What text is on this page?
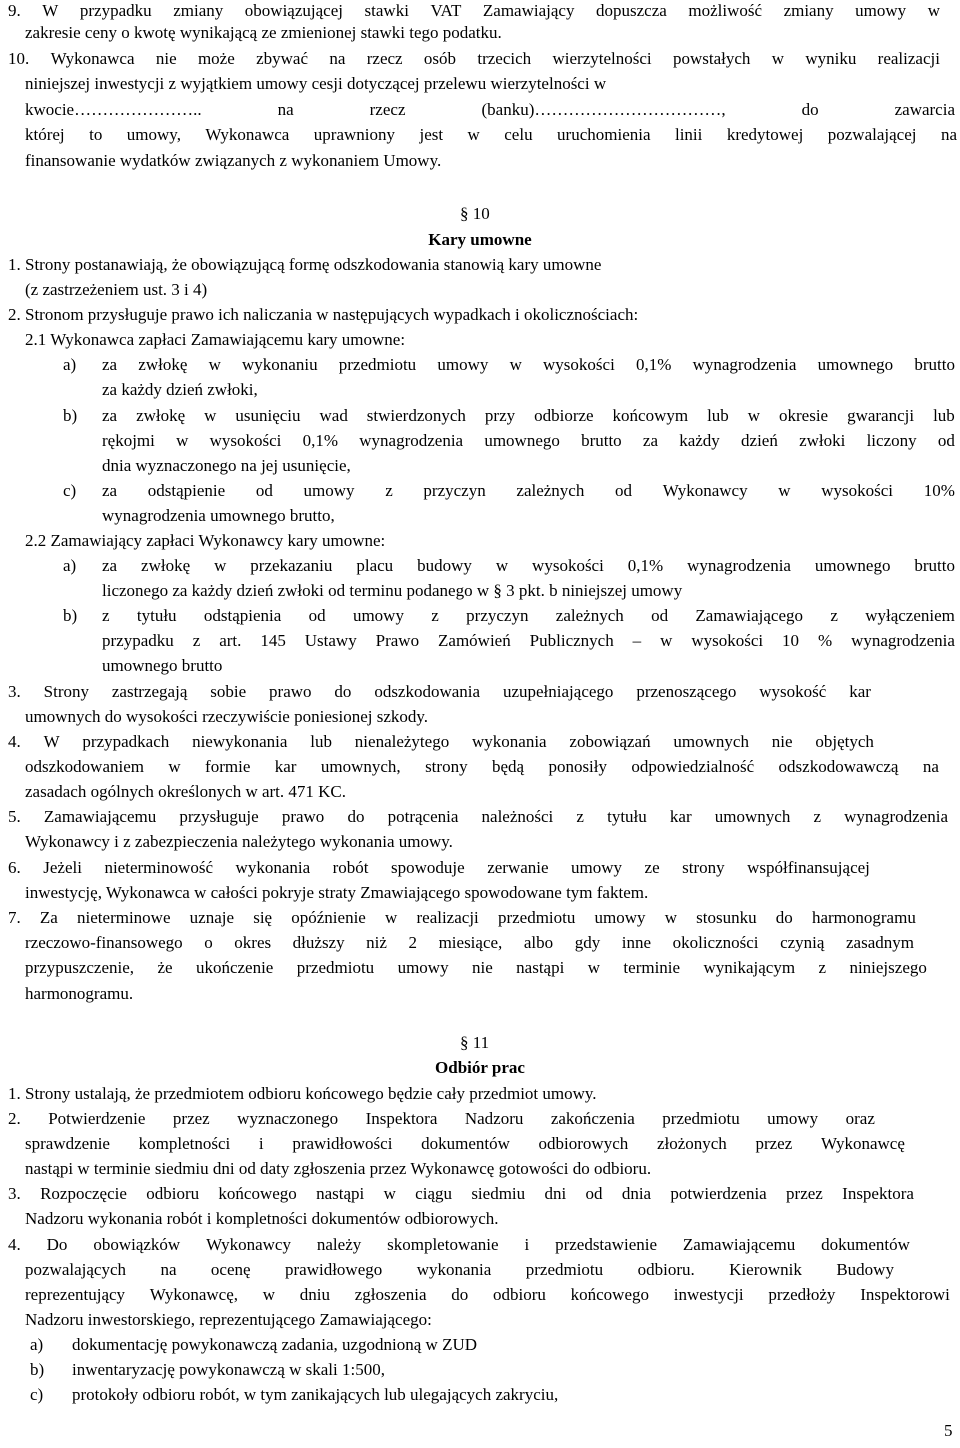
9. W przypadku zmiany obowiązującej stawki VAT Zamawiający dopuszcza możliwość zmiany umowy w
zakresie ceny o kwotę wynikającą ze zmienionej stawki tego podatku.
10. Wykonawca nie może zbywać na rzecz osób trzecich wierzytelności powstałych w wyniku realizacji
niniejszej inwestycji z wyjątkiem umowy cesji dotyczącej przelewu wierzytelności w
kwocie…………………..	na	rzecz	(banku)……………………………,	do	zawarcia
której to umowy, Wykonawca uprawniony jest w celu uruchomienia linii kredytowej pozwalającej na
finansowanie wydatków związanych z wykonaniem Umowy.
§ 10
Kary umowne
1. Strony postanawiają, że obowiązującą formę odszkodowania stanowią kary umowne
(z zastrzeżeniem ust. 3 i 4)
2. Stronom przysługuje prawo ich naliczania w następujących wypadkach i okolicznościach:
2.1 Wykonawca zapłaci Zamawiającemu kary umowne:
a) za zwłokę w wykonaniu przedmiotu umowy w wysokości 0,1% wynagrodzenia umownego brutto
za każdy dzień zwłoki,
b) za zwłokę w usunięciu wad stwierdzonych przy odbiorze końcowym lub w okresie gwarancji lub
rękojmi w wysokości 0,1% wynagrodzenia umownego brutto za każdy dzień zwłoki liczony od
dnia wyznaczonego na jej usunięcie,
c) za odstąpienie od umowy z przyczyn zależnych od Wykonawcy w wysokości 10%
wynagrodzenia umownego brutto,
2.2 Zamawiający zapłaci Wykonawcy kary umowne:
a) za zwłokę w przekazaniu placu budowy w wysokości 0,1% wynagrodzenia umownego brutto
liczonego za każdy dzień zwłoki od terminu podanego w § 3 pkt. b niniejszej umowy
b) z tytułu odstąpienia od umowy z przyczyn zależnych od Zamawiającego z wyłączeniem
przypadku z art. 145 Ustawy Prawo Zamówień Publicznych – w wysokości 10 % wynagrodzenia
umownego brutto
3. Strony zastrzegają sobie prawo do odszkodowania uzupełniającego przenoszącego wysokość kar
umownych do wysokości rzeczywiście poniesionej szkody.
4. W przypadkach niewykonania lub nienależytego wykonania zobowiązań umownych nie objętych
odszkodowaniem w formie kar umownych, strony będą ponosiły odpowiedzialność odszkodowawczą na
zasadach ogólnych określonych w art. 471 KC.
5. Zamawiającemu przysługuje prawo do potrącenia należności z tytułu kar umownych z wynagrodzenia
Wykonawcy i z zabezpieczenia należytego wykonania umowy.
6. Jeżeli nieterminowość wykonania robót spowoduje zerwanie umowy ze strony współfinansującej
inwestycję, Wykonawca w całości pokryje straty Zmawiającego spowodowane tym faktem.
7. Za nieterminowe uznaje się opóźnienie w realizacji przedmiotu umowy w stosunku do harmonogramu
rzeczowo-finansowego o okres dłuższy niż 2 miesiące, albo gdy inne okoliczności czynią zasadnym
przypuszczenie, że ukończenie przedmiotu umowy nie nastąpi w terminie wynikającym z niniejszego
harmonogramu.
§ 11
Odbiór prac
1. Strony ustalają, że przedmiotem odbioru końcowego będzie cały przedmiot umowy.
2. Potwierdzenie przez wyznaczonego Inspektora Nadzoru zakończenia przedmiotu umowy oraz
sprawdzenie kompletności i prawidłowości dokumentów odbiorowych złożonych przez Wykonawcę
nastąpi w terminie siedmiu dni od daty zgłoszenia przez Wykonawcę gotowości do odbioru.
3. Rozpoczęcie odbioru końcowego nastąpi w ciągu siedmiu dni od dnia potwierdzenia przez Inspektora
Nadzoru wykonania robót i kompletności dokumentów odbiorowych.
4. Do obowiązków Wykonawcy należy skompletowanie i przedstawienie Zamawiającemu dokumentów
pozwalających na ocenę prawidłowego wykonania przedmiotu odbioru. Kierownik Budowy
reprezentujący Wykonawcę, w dniu zgłoszenia do odbioru końcowego inwestycji przedłoży Inspektorowi
Nadzoru inwestorskiego, reprezentującego Zamawiającego:
a) dokumentację powykonawczą zadania, uzgodnioną w ZUD
b) inwentaryzację powykonawczą w skali 1:500,
c) protokoły odbioru robót, w tym zanikających lub ulegających zakryciu,
5
